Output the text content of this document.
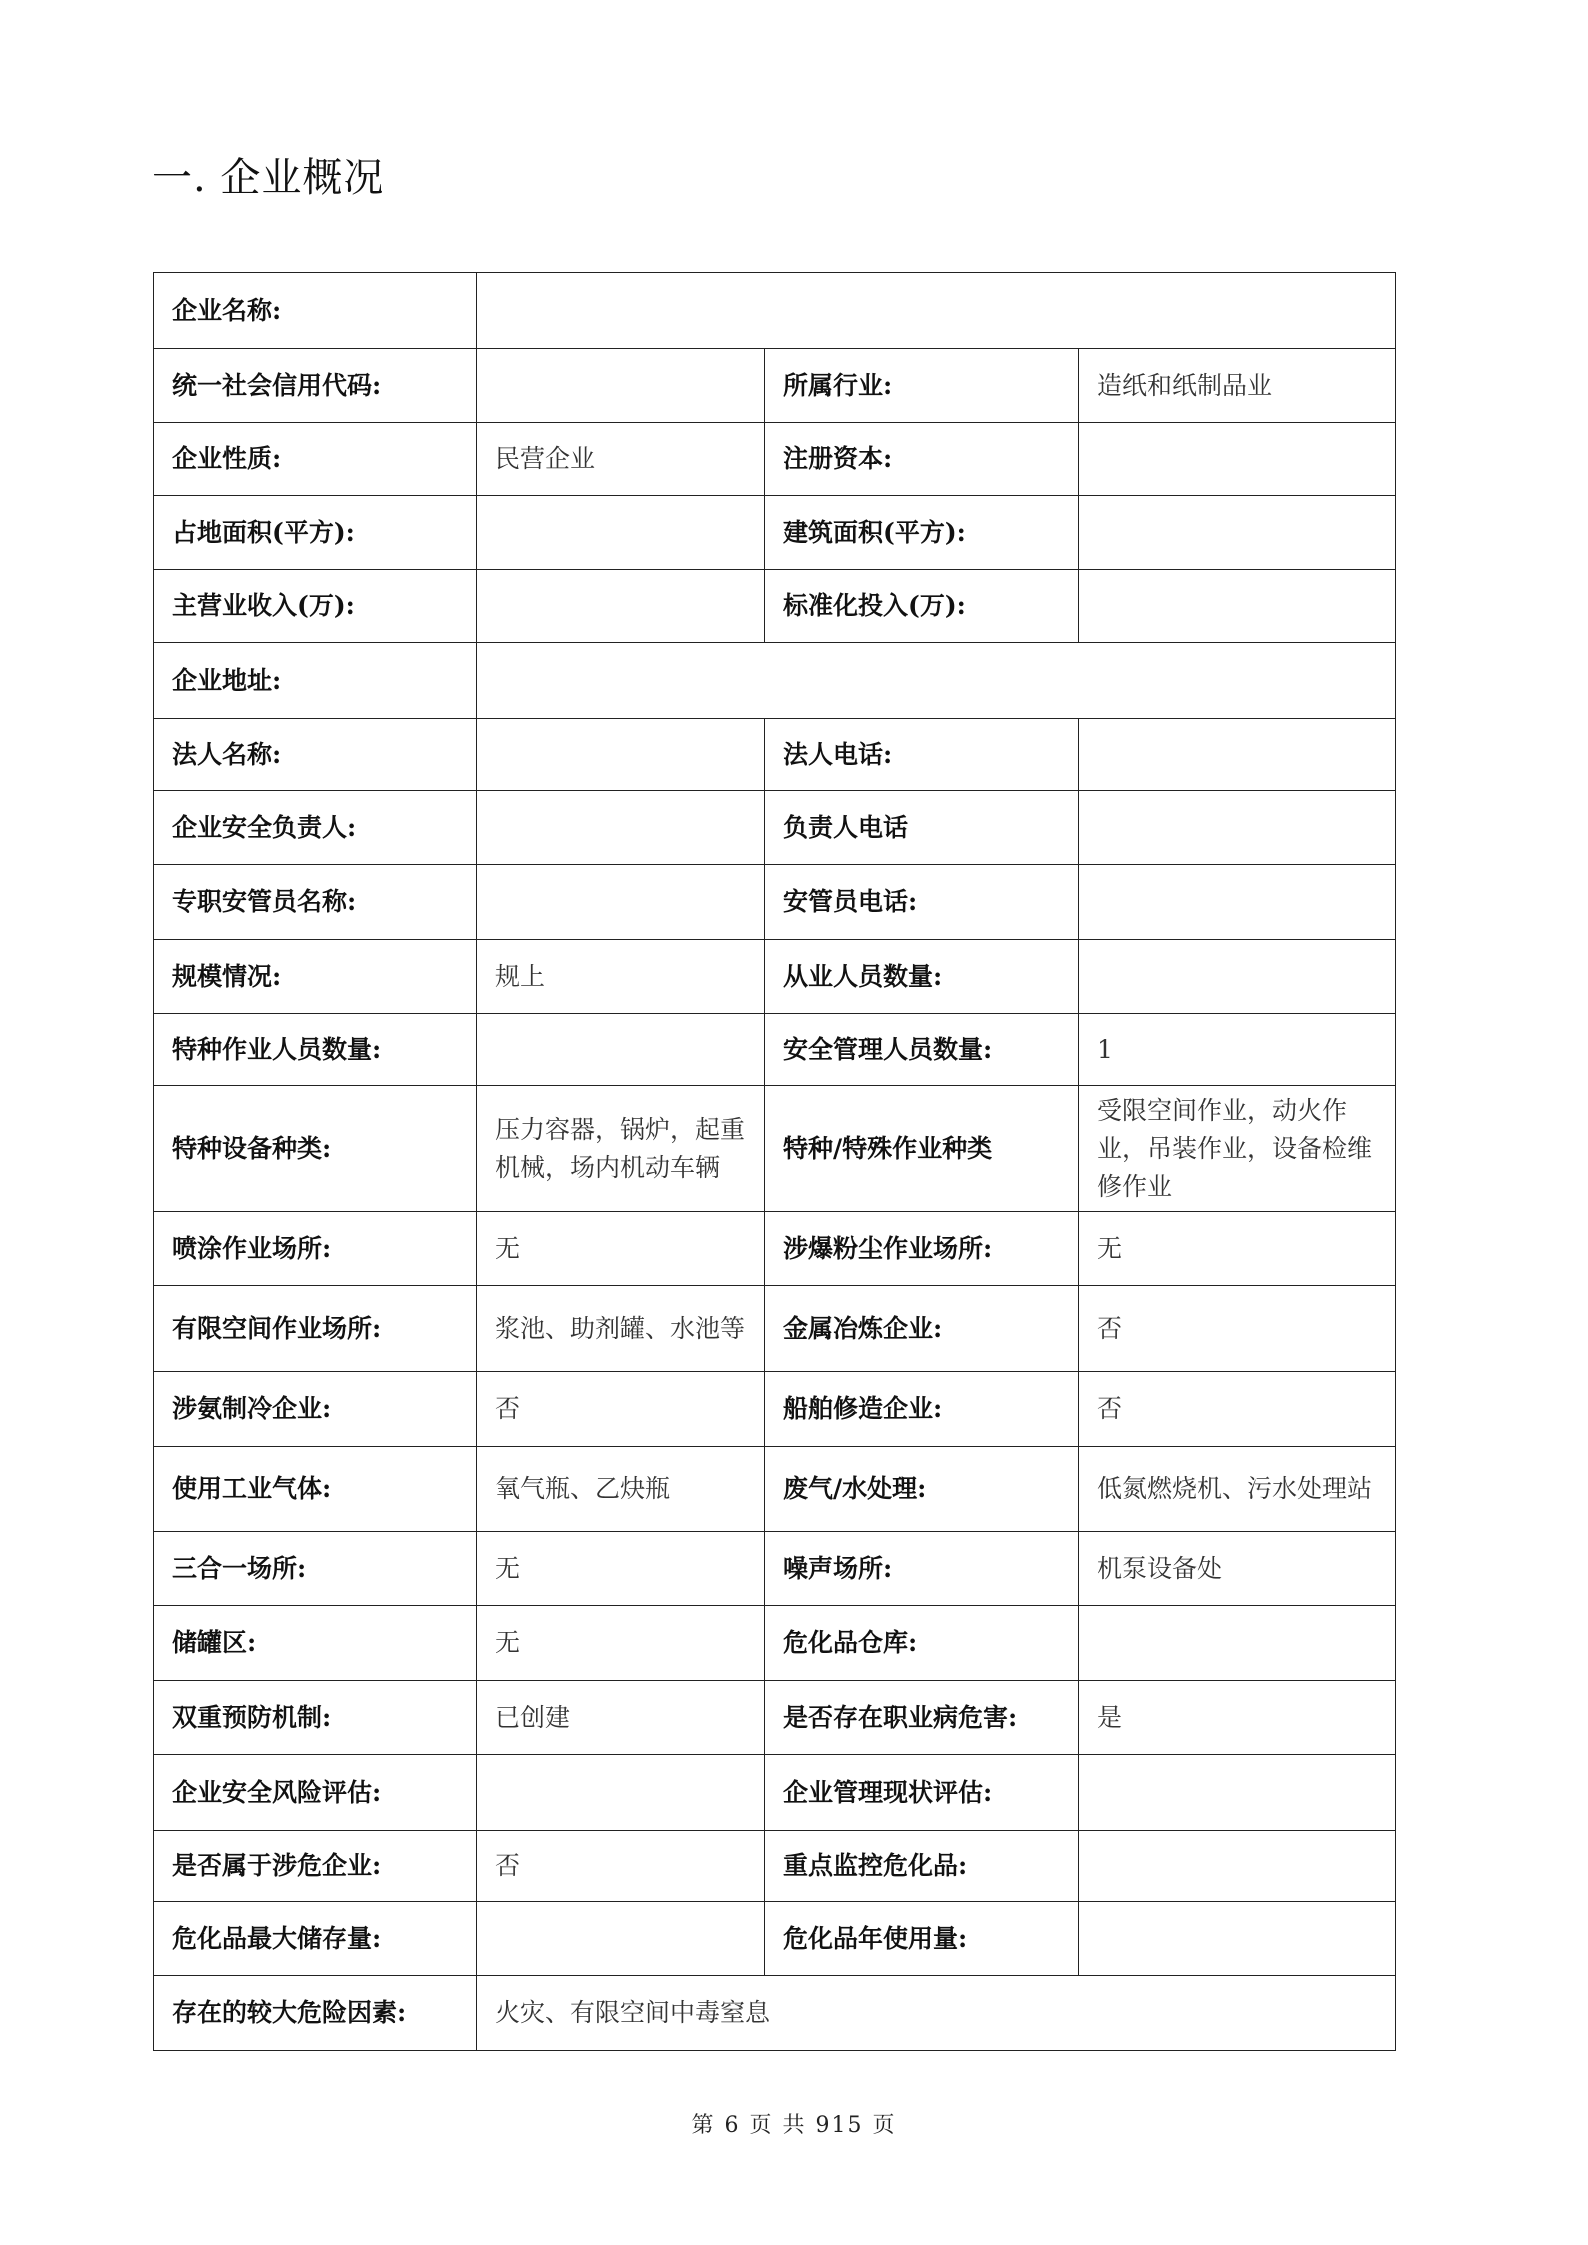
一. 企业概况
企业名称:			
统一社会信用代码:		所属行业:	造纸和纸制品业
企业性质:	民营企业	注册资本:	
占地面积(平方):		建筑面积(平方):	
主营业收入(万):		标准化投入(万):	
企业地址:			
法人名称:		法人电话:	
企业安全负责人:		负责人电话	
专职安管员名称:		安管员电话:	
规模情况:	规上	从业人员数量:	
特种作业人员数量:		安全管理人员数量:	1
特种设备种类:	压力容器，锅炉，起重机械，场内机动车辆	特种/特殊作业种类	受限空间作业，动火作业，吊装作业，设备检维修作业
喷涂作业场所:	无	涉爆粉尘作业场所:	无
有限空间作业场所:	浆池、助剂罐、水池等	金属冶炼企业:	否
涉氨制冷企业:	否	船舶修造企业:	否
使用工业气体:	氧气瓶、乙炔瓶	废气/水处理:	低氮燃烧机、污水处理站
三合一场所:	无	噪声场所:	机泵设备处
储罐区:	无	危化品仓库:	
双重预防机制:	已创建	是否存在职业病危害:	是
企业安全风险评估:		企业管理现状评估:	
是否属于涉危企业:	否	重点监控危化品:	
危化品最大储存量:		危化品年使用量:	
存在的较大危险因素:	火灾、有限空间中毒窒息		
第 6 页 共 915 页
